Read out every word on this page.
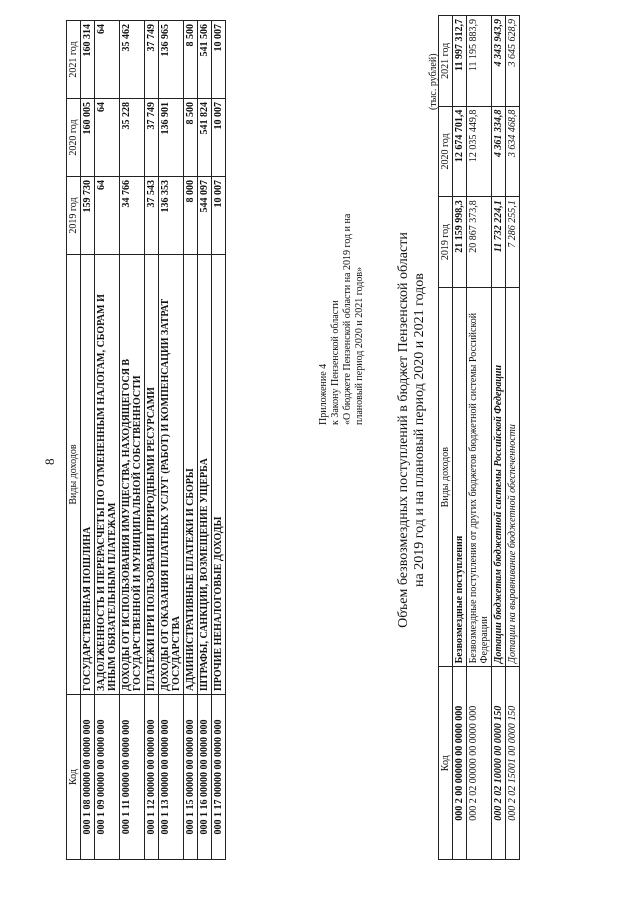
8
Код	Виды доходов	2019 год	2020 год	2021 год
000 1 08 00000 00 0000 000	ГОСУДАРСТВЕННАЯ ПОШЛИНА	159 730	160 005	160 314
000 1 09 00000 00 0000 000	ЗАДОЛЖЕННОСТЬ И ПЕРЕРАСЧЕТЫ ПО ОТМЕНЕННЫМ НАЛОГАМ, СБОРАМ И ИНЫМ ОБЯЗАТЕЛЬНЫМ ПЛАТЕЖАМ	64	64	64
000 1 11 00000 00 0000 000	ДОХОДЫ ОТ ИСПОЛЬЗОВАНИЯ ИМУЩЕСТВА, НАХОДЯЩЕГОСЯ В ГОСУДАРСТВЕННОЙ И МУНИЦИПАЛЬНОЙ СОБСТВЕННОСТИ	34 766	35 228	35 462
000 1 12 00000 00 0000 000	ПЛАТЕЖИ ПРИ ПОЛЬЗОВАНИИ ПРИРОДНЫМИ РЕСУРСАМИ	37 543	37 749	37 749
000 1 13 00000 00 0000 000	ДОХОДЫ ОТ ОКАЗАНИЯ ПЛАТНЫХ УСЛУГ (РАБОТ) И КОМПЕНСАЦИИ ЗАТРАТ ГОСУДАРСТВА	136 353	136 901	136 965
000 1 15 00000 00 0000 000	АДМИНИСТРАТИВНЫЕ ПЛАТЕЖИ И СБОРЫ	8 000	8 500	8 500
000 1 16 00000 00 0000 000	ШТРАФЫ, САНКЦИИ, ВОЗМЕЩЕНИЕ УЩЕРБА	544 097	541 824	541 506
000 1 17 00000 00 0000 000	ПРОЧИЕ НЕНАЛОГОВЫЕ ДОХОДЫ	10 007	10 007	10 007
Приложение 4 к Закону Пензенской области «О бюджете Пензенской области на 2019 год и на плановый период 2020 и 2021 годов» Объем безвозмездных поступлений в бюджет Пензенской области на 2019 год и на плановый период 2020 и 2021 годов
(тыс. рублей)
Код	Виды доходов	2019 год	2020 год	2021 год
000 2 00 00000 00 0000 000	Безвозмездные поступления	21 159 998,3	12 674 701,4	11 997 312,7
000 2 02 00000 00 0000 000	Безвозмездные поступления от других бюджетов бюджетной системы Российской Федерации	20 867 373,8	12 035 449,8	11 195 883,9
000 2 02 10000 00 0000 150	Дотации бюджетам бюджетной системы Российской Федерации	11 732 224,1	4 361 334,8	4 343 943,9
000 2 02 15001 00 0000 150	Дотации на выравнивание бюджетной обеспеченности	7 286 255,1	3 634 468,8	3 645 628,9
